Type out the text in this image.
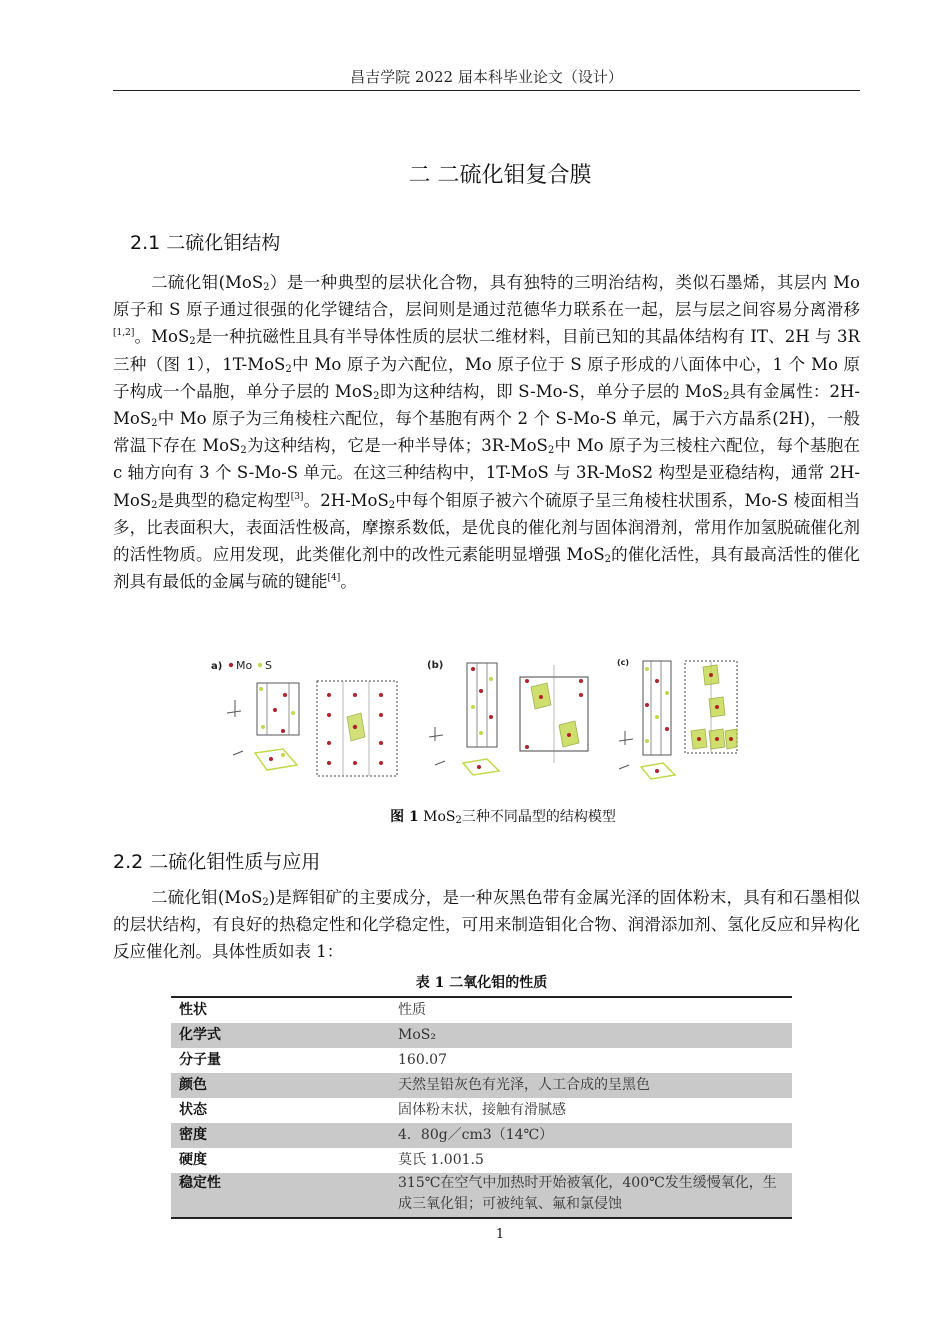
昌吉学院 2022 届本科毕业论文（设计）
二 二硫化钼复合膜
2.1 二硫化钼结构
二硫化钼(MoS$_2$）是一种典型的层状化合物，具有独特的三明治结构，类似石墨烯，其层内 Mo 原子和 S 原子通过很强的化学键结合，层间则是通过范德华力联系在一起，层与层之间容易分离滑移[1,2]。MoS$_2$是一种抗磁性且具有半导体性质的层状二维材料，目前已知的其晶体结构有 IT、2H 与 3R 三种（图 1），1T-MoS$_2$中 Mo 原子为六配位，Mo 原子位于 S 原子形成的八面体中心，1 个 Mo 原子构成一个晶胞，单分子层的 MoS$_2$即为这种结构，即 S-Mo-S，单分子层的 MoS$_2$具有金属性：2H-MoS$_2$中 Mo 原子为三角棱柱六配位，每个基胞有两个 2 个 S-Mo-S 单元，属于六方晶系(2H)，一般常温下存在 MoS$_2$为这种结构，它是一种半导体；3R-MoS$_2$中 Mo 原子为三棱柱六配位，每个基胞在 c 轴方向有 3 个 S-Mo-S 单元。在这三种结构中，1T-MoS 与 3R-MoS2 构型是亚稳结构，通常 2H-MoS$_2$是典型的稳定构型[3]。2H-MoS$_2$中每个钼原子被六个硫原子呈三角棱柱状围系，Mo-S 棱面相当多，比表面积大，表面活性极高，摩擦系数低，是优良的催化剂与固体润滑剂，常用作加氢脱硫催化剂的活性物质。应用发现，此类催化剂中的改性元素能明显增强 MoS$_2$的催化活性，具有最高活性的催化剂具有最低的金属与硫的键能[4]。
a) Mo S	(b)	(c)
图 1 MoS$_2$三种不同晶型的结构模型
2.2 二硫化钼性质与应用
二硫化钼(MoS$_2$)是辉钼矿的主要成分，是一种灰黑色带有金属光泽的固体粉末，具有和石墨相似的层状结构，有良好的热稳定性和化学稳定性，可用来制造钼化合物、润滑添加剂、氢化反应和异构化反应催化剂。具体性质如表 1：
表 1 二氧化钼的性质
性状	性质
化学式	MoS₂
分子量	160.07
颜色	天然呈铅灰色有光泽，人工合成的呈黑色
状态	固体粉末状，接触有滑腻感
密度	4．80g／cm3（14℃）
硬度	莫氏 1.001.5
稳定性	315℃在空气中加热时开始被氧化，400℃发生缓慢氧化，生成三氧化钼；可被纯氧、氟和氯侵蚀
1
